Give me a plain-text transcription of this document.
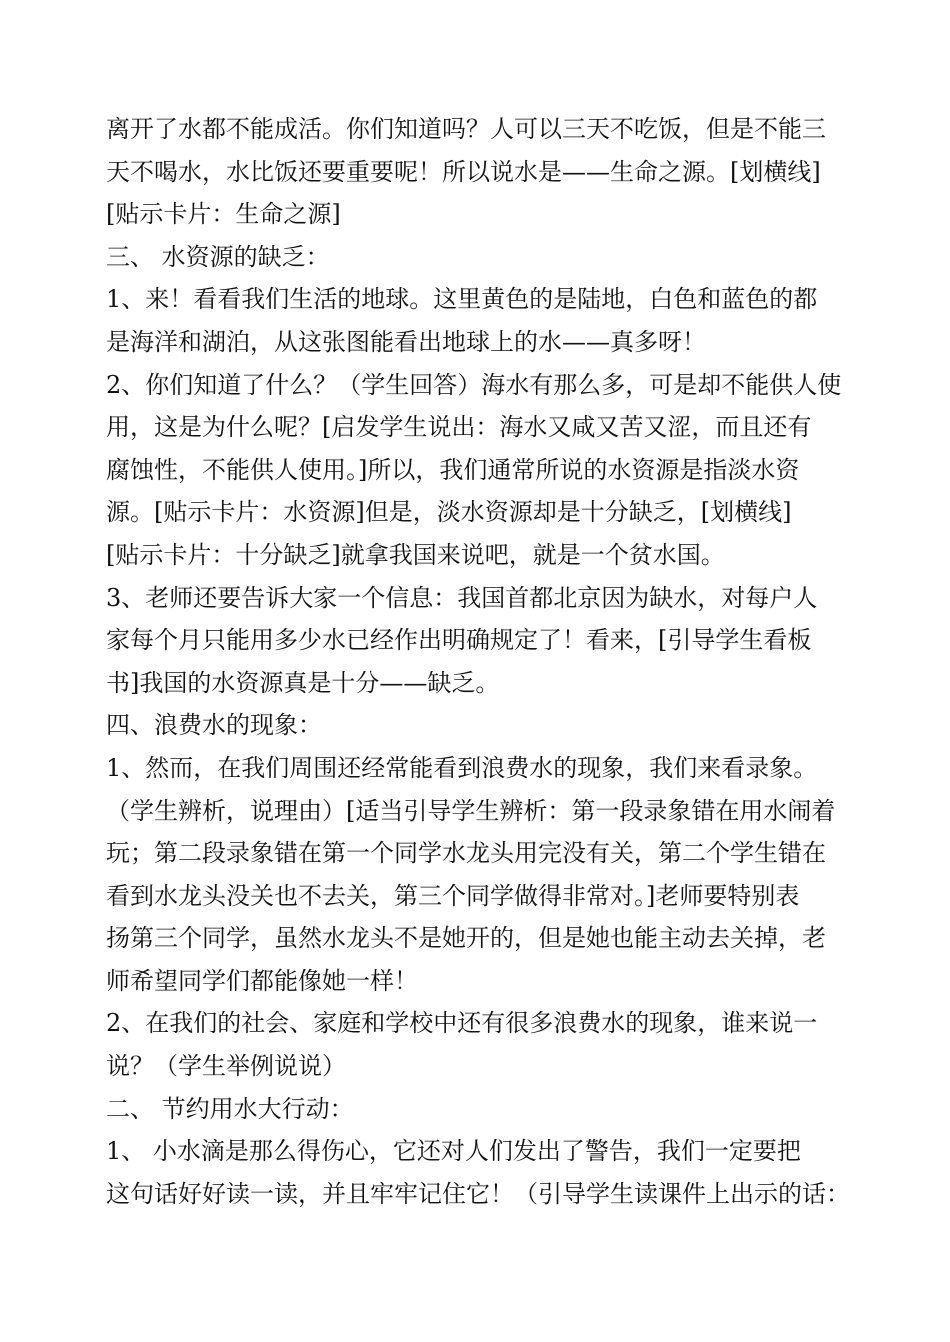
离开了水都不能成活。你们知道吗？人可以三天不吃饭，但是不能三
天不喝水，水比饭还要重要呢！所以说水是——生命之源。[划横线]
[贴示卡片：生命之源]
三、 水资源的缺乏：
1、来！看看我们生活的地球。这里黄色的是陆地，白色和蓝色的都
是海洋和湖泊，从这张图能看出地球上的水——真多呀！
2、你们知道了什么？（学生回答）海水有那么多，可是却不能供人使
用，这是为什么呢？[启发学生说出：海水又咸又苦又涩，而且还有
腐蚀性，不能供人使用。]所以，我们通常所说的水资源是指淡水资
源。[贴示卡片：水资源]但是，淡水资源却是十分缺乏，[划横线]
[贴示卡片：十分缺乏]就拿我国来说吧，就是一个贫水国。
3、老师还要告诉大家一个信息：我国首都北京因为缺水，对每户人
家每个月只能用多少水已经作出明确规定了！看来，[引导学生看板
书]我国的水资源真是十分——缺乏。
四、浪费水的现象：
1、然而，在我们周围还经常能看到浪费水的现象，我们来看录象。
（学生辨析，说理由）[适当引导学生辨析：第一段录象错在用水闹着
玩；第二段录象错在第一个同学水龙头用完没有关，第二个学生错在
看到水龙头没关也不去关，第三个同学做得非常对。]老师要特别表
扬第三个同学，虽然水龙头不是她开的，但是她也能主动去关掉，老
师希望同学们都能像她一样！
2、在我们的社会、家庭和学校中还有很多浪费水的现象，谁来说一
说？（学生举例说说）
二、 节约用水大行动：
1、 小水滴是那么得伤心，它还对人们发出了警告，我们一定要把
这句话好好读一读，并且牢牢记住它！（引导学生读课件上出示的话：
